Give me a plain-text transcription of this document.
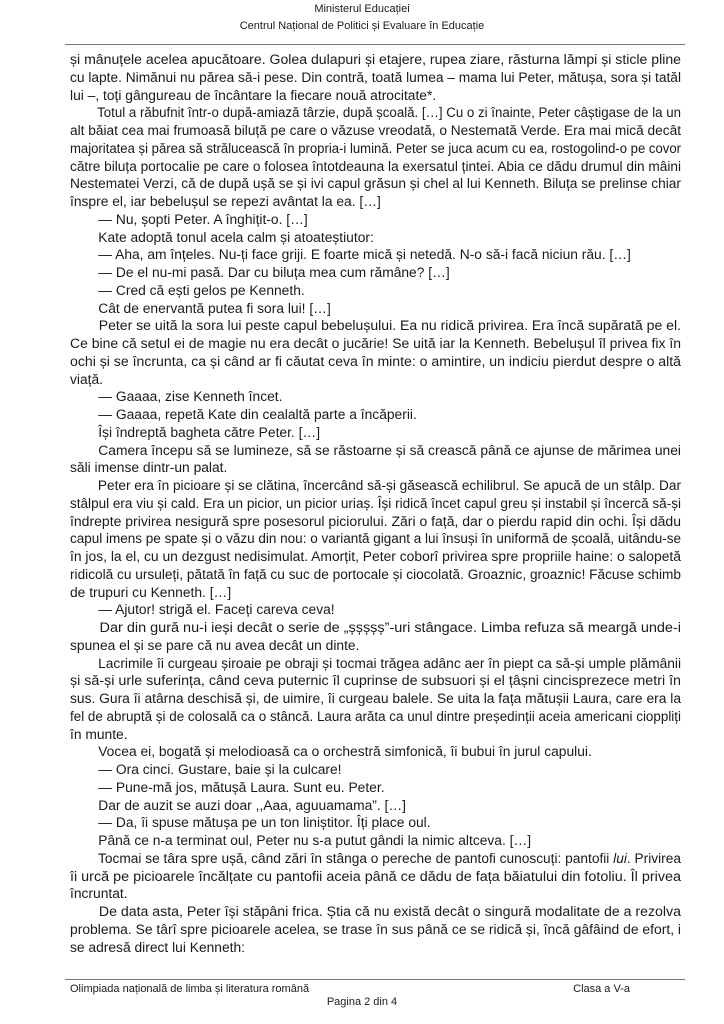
Ministerul Educației
Centrul Național de Politici și Evaluare în Educație
și mânuțele acelea apucătoare. Golea dulapuri și etajere, rupea ziare, răsturna lămpi și sticle pline
cu lapte. Nimănui nu părea să-i pese. Din contră, toată lumea – mama lui Peter, mătușa, sora și tatăl
lui –, toți gângureau de încântare la fiecare nouă atrocitate*.
Totul a răbufnit într-o după-amiază târzie, după școală. […] Cu o zi înainte, Peter câștigase de la un
alt băiat cea mai frumoasă biluță pe care o văzuse vreodată, o Nestemată Verde. Era mai mică decât
majoritatea și părea să strălucească în propria-i lumină. Peter se juca acum cu ea, rostogolind-o pe covor
către biluța portocalie pe care o folosea întotdeauna la exersatul țintei. Abia ce dădu drumul din mâini
Nestematei Verzi, că de după ușă se și ivi capul grăsun și chel al lui Kenneth. Biluța se prelinse chiar
înspre el, iar bebelușul se repezi avântat la ea. […]
— Nu, șopti Peter. A înghițit-o. […]
Kate adoptă tonul acela calm și atoateștiutor:
— Aha, am înțeles. Nu-ți face griji. E foarte mică și netedă. N-o să-i facă niciun rău. […]
— De el nu-mi pasă. Dar cu biluța mea cum rămâne? […]
— Cred că ești gelos pe Kenneth.
Cât de enervantă putea fi sora lui! […]
Peter se uită la sora lui peste capul bebelușului. Ea nu ridică privirea. Era încă supărată pe el.
Ce bine că setul ei de magie nu era decât o jucărie! Se uită iar la Kenneth. Bebelușul îl privea fix în
ochi și se încrunta, ca și când ar fi căutat ceva în minte: o amintire, un indiciu pierdut despre o altă
viață.
— Gaaaa, zise Kenneth încet.
— Gaaaa, repetă Kate din cealaltă parte a încăperii.
Își îndreptă bagheta către Peter. […]
Camera începu să se lumineze, să se răstoarne și să crească până ce ajunse de mărimea unei
săli imense dintr-un palat.
Peter era în picioare și se clătina, încercând să-și găsească echilibrul. Se apucă de un stâlp. Dar
stâlpul era viu și cald. Era un picior, un picior uriaș. Își ridică încet capul greu și instabil și încercă să-și
îndrepte privirea nesigură spre posesorul piciorului. Zări o față, dar o pierdu rapid din ochi. Își dădu
capul imens pe spate și o văzu din nou: o variantă gigant a lui însuși în uniformă de școală, uitându-se
în jos, la el, cu un dezgust nedisimulat. Amorțit, Peter coborî privirea spre propriile haine: o salopetă
ridicolă cu ursuleți, pătată în față cu suc de portocale și ciocolată. Groaznic, groaznic! Făcuse schimb
de trupuri cu Kenneth. […]
— Ajutor! strigă el. Faceți careva ceva!
Dar din gură nu-i ieși decât o serie de „șșșșș”-uri stângace. Limba refuza să meargă unde-i
spunea el și se pare că nu avea decât un dinte.
Lacrimile îi curgeau șiroaie pe obraji și tocmai trăgea adânc aer în piept ca să-și umple plămânii
și să-și urle suferința, când ceva puternic îl cuprinse de subsuori și el țâșni cincisprezece metri în
sus. Gura îi atârna deschisă și, de uimire, îi curgeau balele. Se uita la fața mătușii Laura, care era la
fel de abruptă și de colosală ca o stâncă. Laura arăta ca unul dintre președinții aceia americani cioppliți
în munte.
Vocea ei, bogată și melodioasă ca o orchestră simfonică, îi bubui în jurul capului.
— Ora cinci. Gustare, baie și la culcare!
— Pune-mă jos, mătușă Laura. Sunt eu. Peter.
Dar de auzit se auzi doar ,,Aaa, aguuamama”. […]
— Da, îi spuse mătușa pe un ton liniștitor. Îți place oul.
Până ce n-a terminat oul, Peter nu s-a putut gândi la nimic altceva. […]
Tocmai se târa spre ușă, când zări în stânga o pereche de pantofi cunoscuți: pantofii lui. Privirea
îi urcă pe picioarele încălțate cu pantofii aceia până ce dădu de fața băiatului din fotoliu. Îl privea
încruntat.
De data asta, Peter își stăpâni frica. Știa că nu există decât o singură modalitate de a rezolva
problema. Se târî spre picioarele acelea, se trase în sus până ce se ridică și, încă gâfâind de efort, i
se adresă direct lui Kenneth:
Olimpiada națională de limba și literatura română	Clasa a V-a
Pagina 2 din 4
